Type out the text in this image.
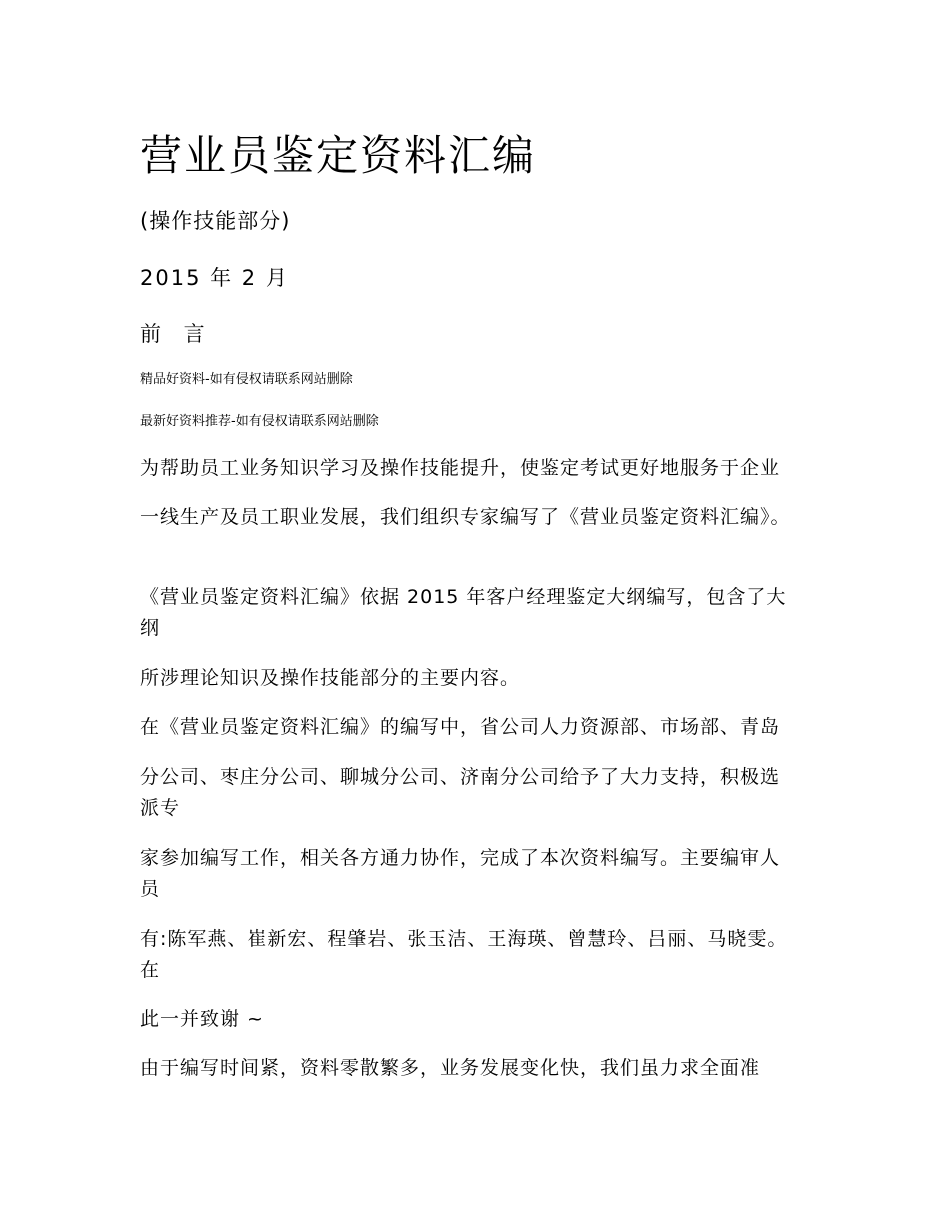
营业员鉴定资料汇编
(操作技能部分)
2015 年 2 月
前 言
精品好资料-如有侵权请联系网站删除
最新好资料推荐-如有侵权请联系网站删除
为帮助员工业务知识学习及操作技能提升，使鉴定考试更好地服务于企业
一线生产及员工职业发展，我们组织专家编写了《营业员鉴定资料汇编》。
《营业员鉴定资料汇编》依据 2015 年客户经理鉴定大纲编写，包含了大
纲
所涉理论知识及操作技能部分的主要内容。
在《营业员鉴定资料汇编》的编写中，省公司人力资源部、市场部、青岛
分公司、枣庄分公司、聊城分公司、济南分公司给予了大力支持，积极选
派专
家参加编写工作，相关各方通力协作，完成了本次资料编写。主要编审人
员
有:陈军燕、崔新宏、程肇岩、张玉洁、王海瑛、曾慧玲、吕丽、马晓雯。
在
此一并致谢 ~
由于编写时间紧，资料零散繁多，业务发展变化快，我们虽力求全面准
